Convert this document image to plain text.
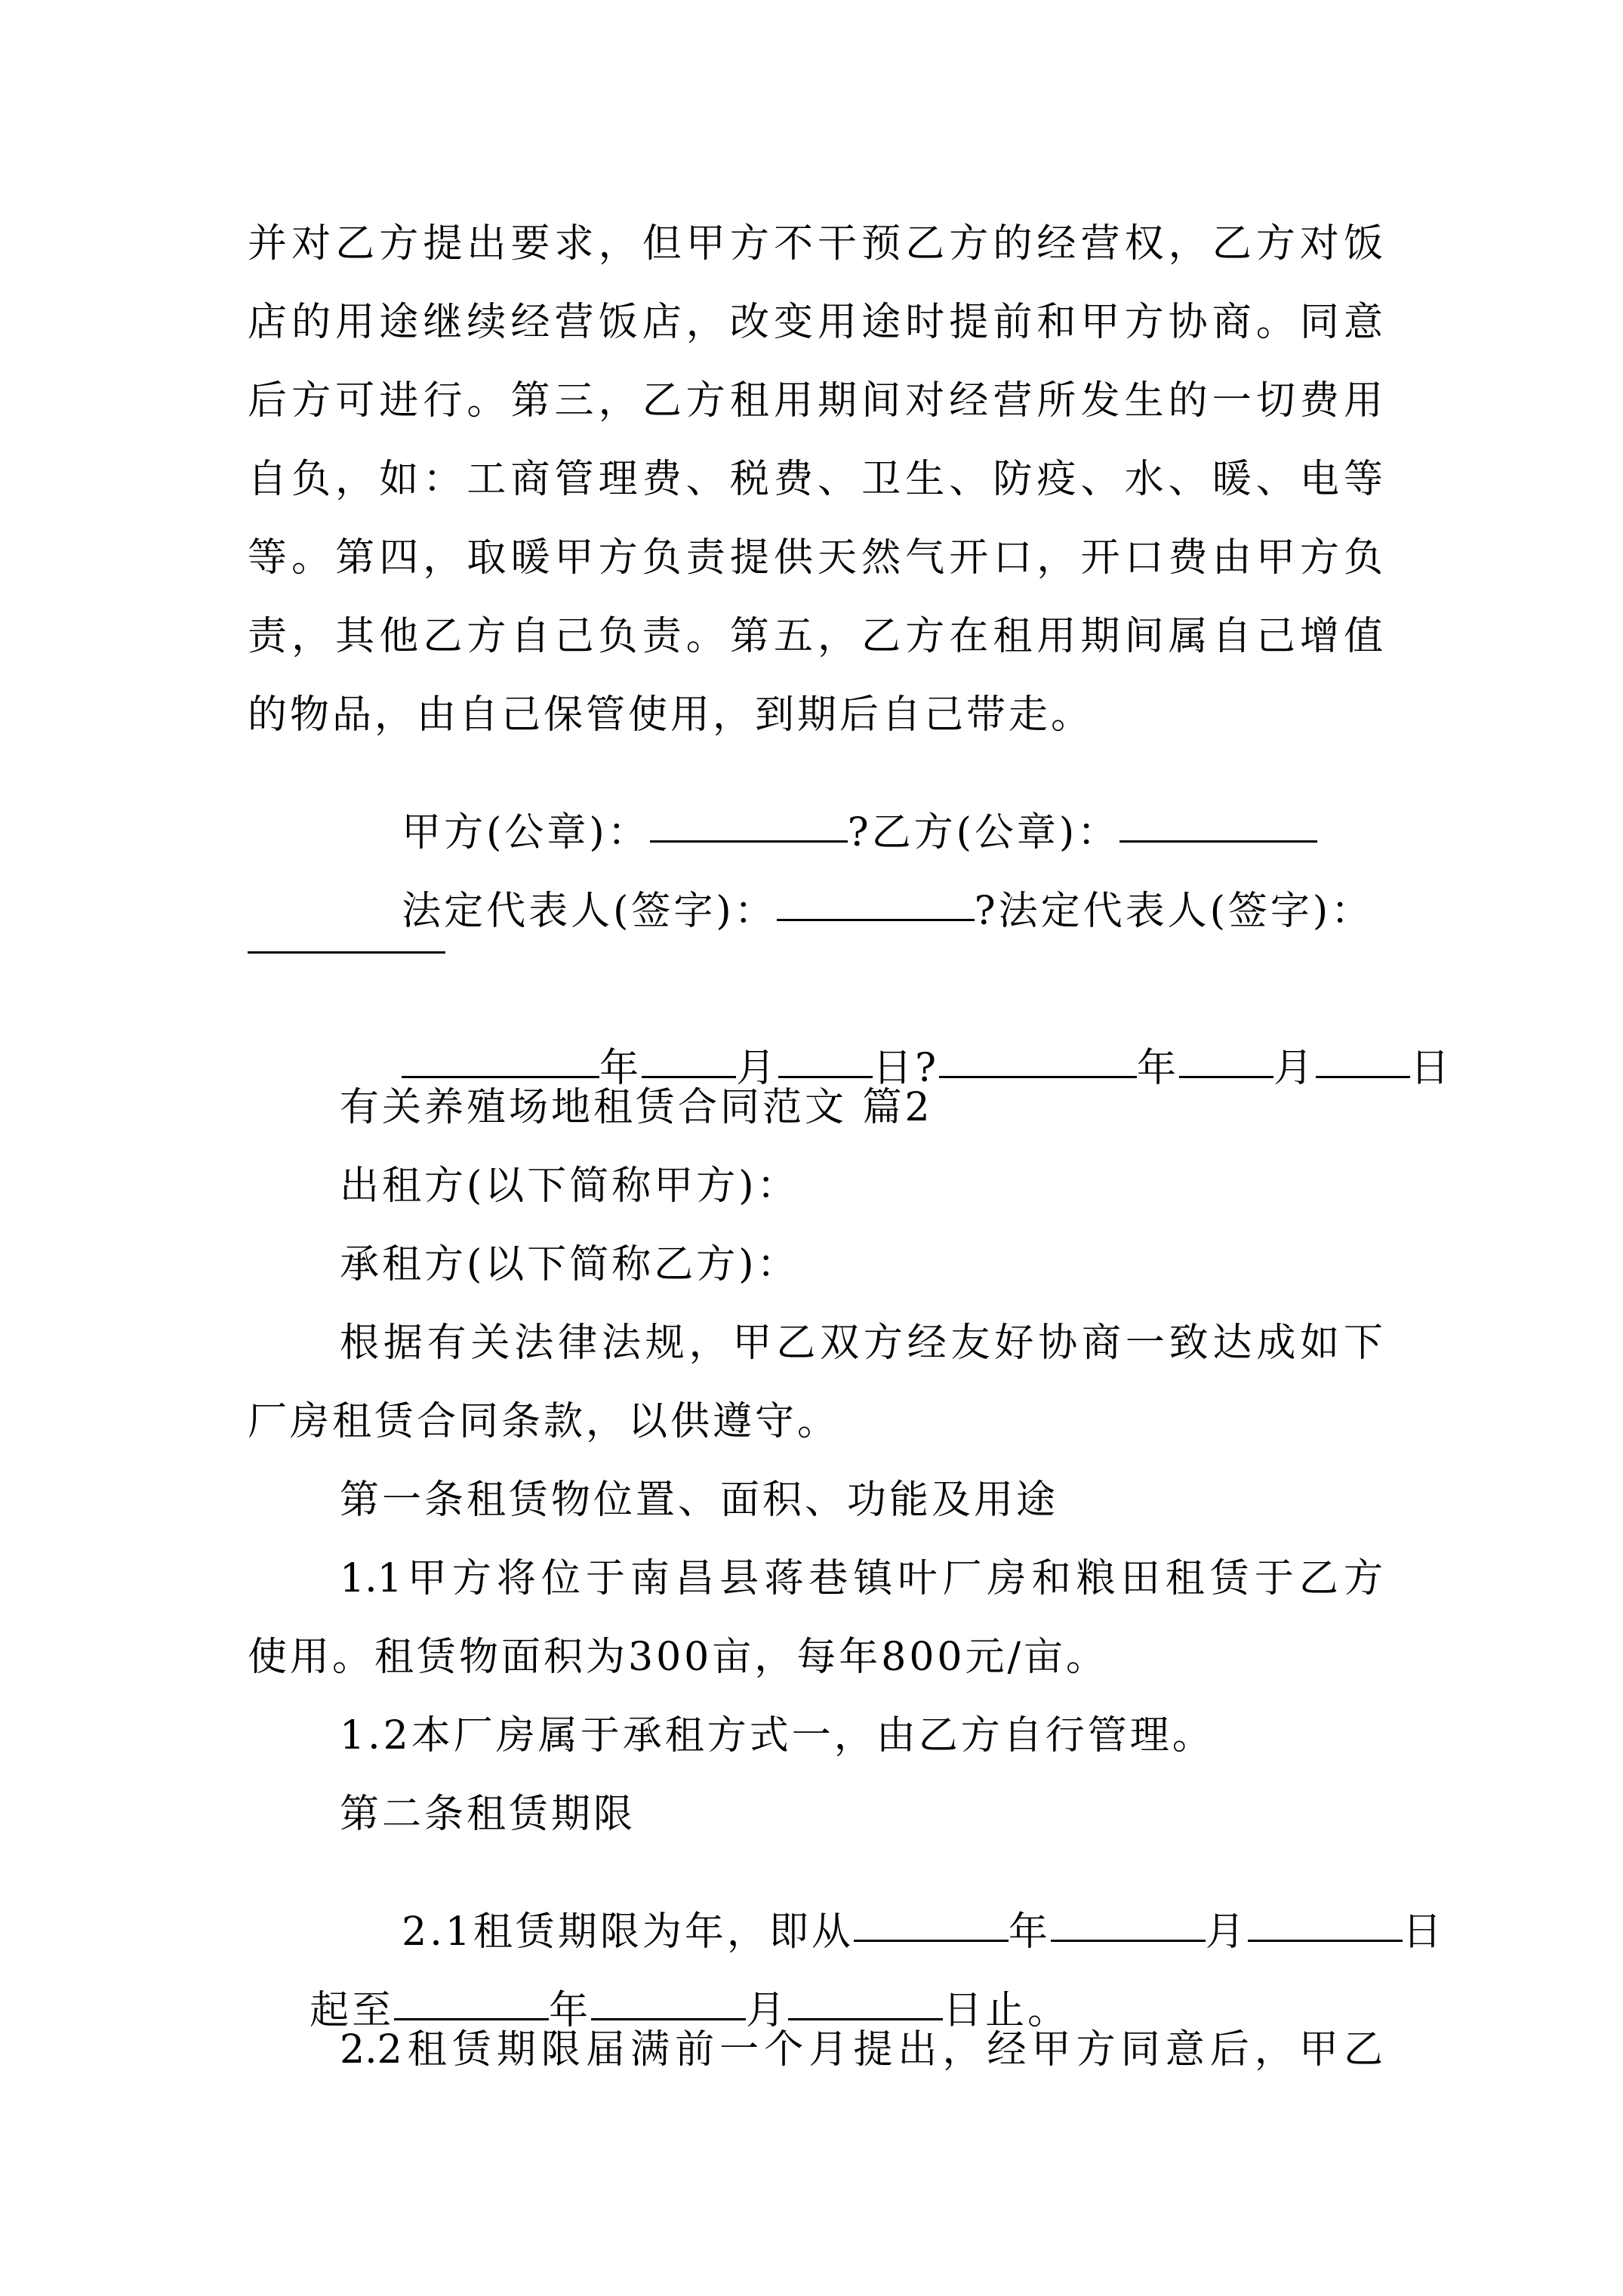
并对乙方提出要求，但甲方不干预乙方的经营权，乙方对饭
店的用途继续经营饭店，改变用途时提前和甲方协商。同意
后方可进行。第三，乙方租用期间对经营所发生的一切费用
自负，如：工商管理费、税费、卫生、防疫、水、暖、电等
等。第四，取暖甲方负责提供天然气开口，开口费由甲方负
责，其他乙方自己负责。第五，乙方在租用期间属自己增值
的物品，由自己保管使用，到期后自己带走。

甲方(公章)：	?乙方(公章)：

法定代表人(签字)：	?法定代表人(签字)：

年 月 日?	年 月 日

有关养殖场地租赁合同范文 篇2
出租方(以下简称甲方)：
承租方(以下简称乙方)：
根据有关法律法规，甲乙双方经友好协商一致达成如下
厂房租赁合同条款，以供遵守。
第一条租赁物位置、面积、功能及用途
1.1甲方将位于南昌县蒋巷镇叶厂房和粮田租赁于乙方
使用。租赁物面积为300亩，每年800元/亩。
1.2本厂房属于承租方式一，由乙方自行管理。
第二条租赁期限

2.1租赁期限为年，即从	年	月	日

起至	年	月	日止。

2.2租赁期限届满前一个月提出，经甲方同意后，甲乙
